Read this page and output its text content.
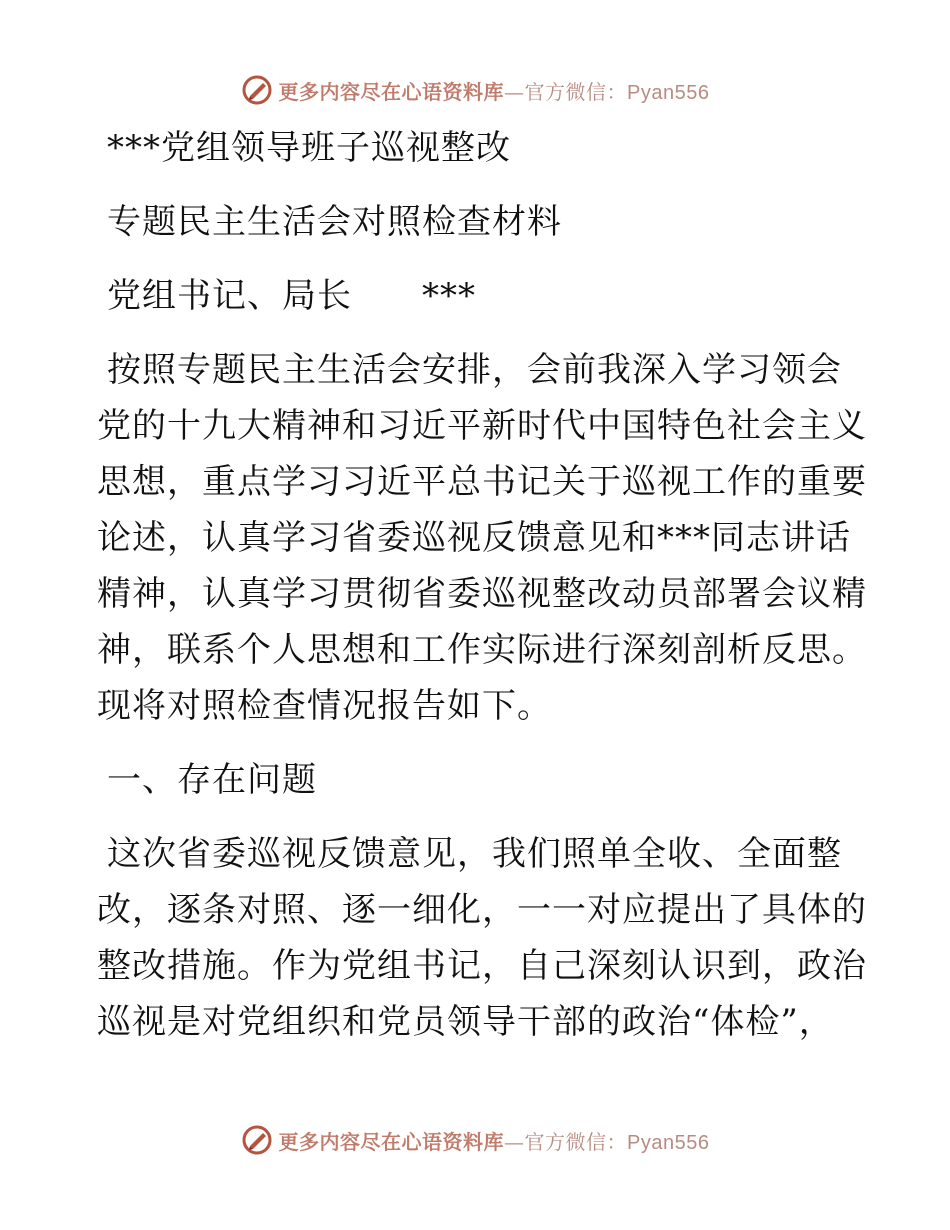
更多内容尽在心语资料库—官方微信：Pyan556
***党组领导班子巡视整改
专题民主生活会对照检查材料
党组书记、局长 ***
按照专题民主生活会安排，会前我深入学习领会
党的十九大精神和习近平新时代中国特色社会主义
思想，重点学习习近平总书记关于巡视工作的重要
论述，认真学习省委巡视反馈意见和***同志讲话
精神，认真学习贯彻省委巡视整改动员部署会议精
神，联系个人思想和工作实际进行深刻剖析反思。
现将对照检查情况报告如下。
一、存在问题
这次省委巡视反馈意见，我们照单全收、全面整
改，逐条对照、逐一细化，一一对应提出了具体的
整改措施。作为党组书记，自己深刻认识到，政治
巡视是对党组织和党员领导干部的政治“体检”，
更多内容尽在心语资料库—官方微信：Pyan556
